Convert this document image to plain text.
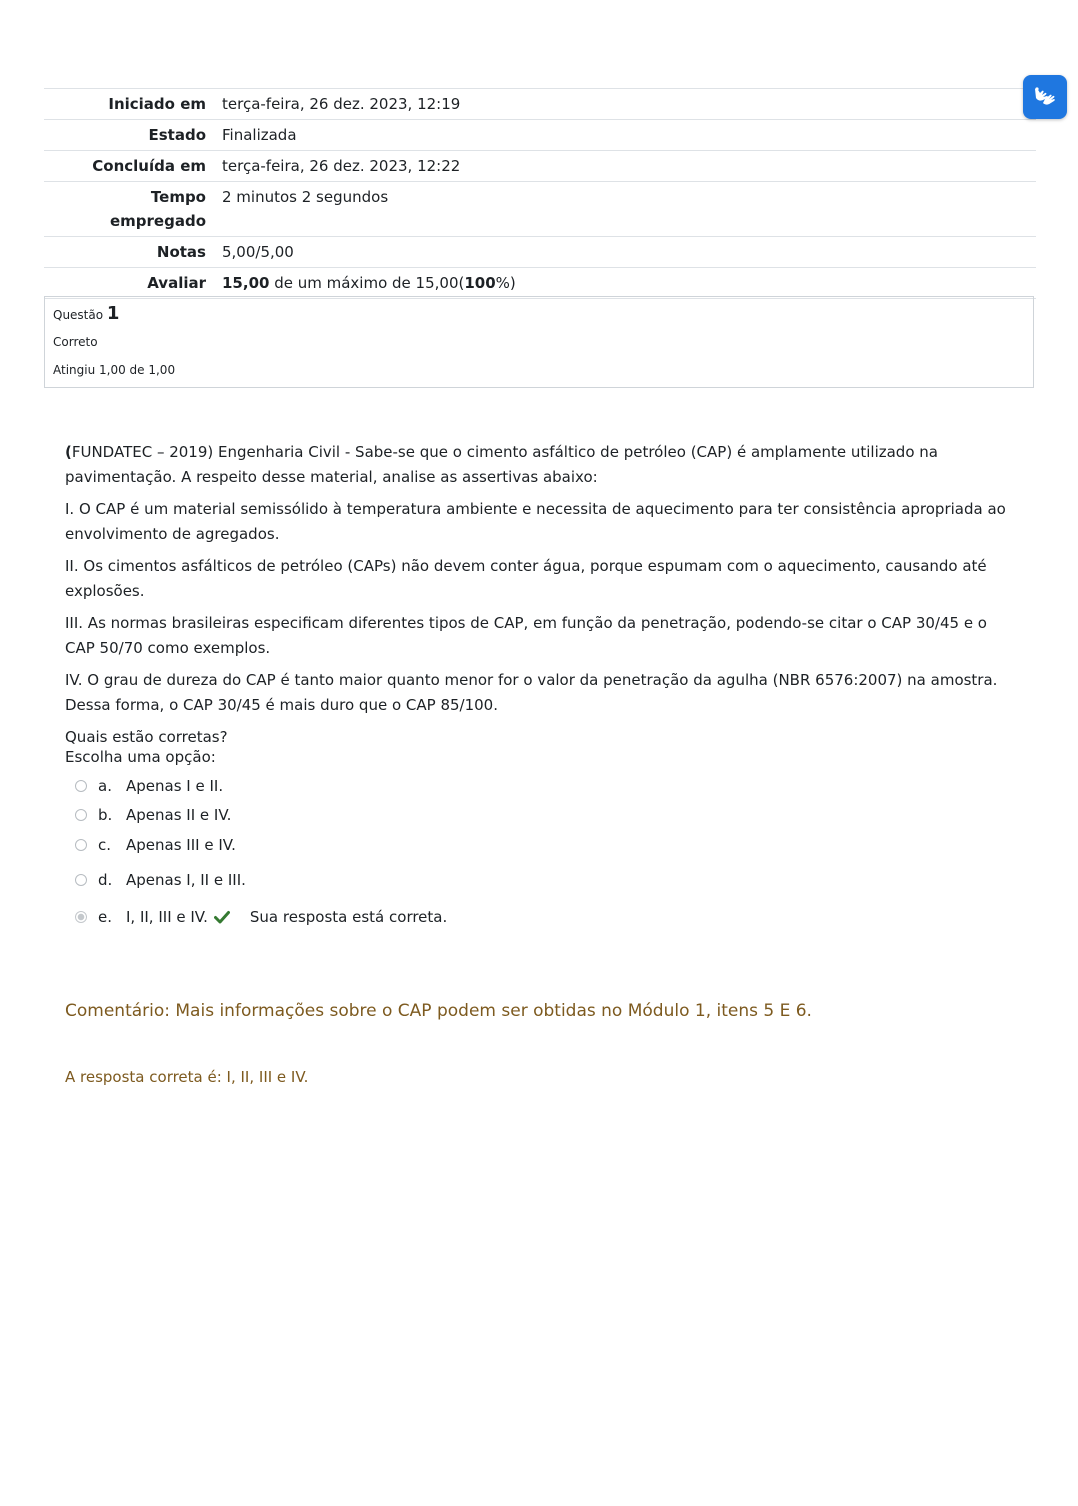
Iniciado em	terça-feira, 26 dez. 2023, 12:19
Estado	Finalizada
Concluída em	terça-feira, 26 dez. 2023, 12:22
Tempo empregado	2 minutos 2 segundos
Notas	5,00/5,00
Avaliar	15,00 de um máximo de 15,00(100%)
Questão 1
Correto
Atingiu 1,00 de 1,00

(FUNDATEC – 2019) Engenharia Civil - Sabe-se que o cimento asfáltico de petróleo (CAP) é amplamente utilizado na pavimentação. A respeito desse material, analise as assertivas abaixo:

I. O CAP é um material semissólido à temperatura ambiente e necessita de aquecimento para ter consistência apropriada ao envolvimento de agregados.

II. Os cimentos asfálticos de petróleo (CAPs) não devem conter água, porque espumam com o aquecimento, causando até explosões.

III. As normas brasileiras especificam diferentes tipos de CAP, em função da penetração, podendo-se citar o CAP 30/45 e o CAP 50/70 como exemplos.

IV. O grau de dureza do CAP é tanto maior quanto menor for o valor da penetração da agulha (NBR 6576:2007) na amostra. Dessa forma, o CAP 30/45 é mais duro que o CAP 85/100.

Quais estão corretas?

Escolha uma opção:
a. Apenas I e II.
b. Apenas II e IV.
c. Apenas III e IV.
d. Apenas I, II e III.
e. I, II, III e IV.	Sua resposta está correta.
Comentário: Mais informações sobre o CAP podem ser obtidas no Módulo 1, itens 5 E 6.
A resposta correta é: I, II, III e IV.
